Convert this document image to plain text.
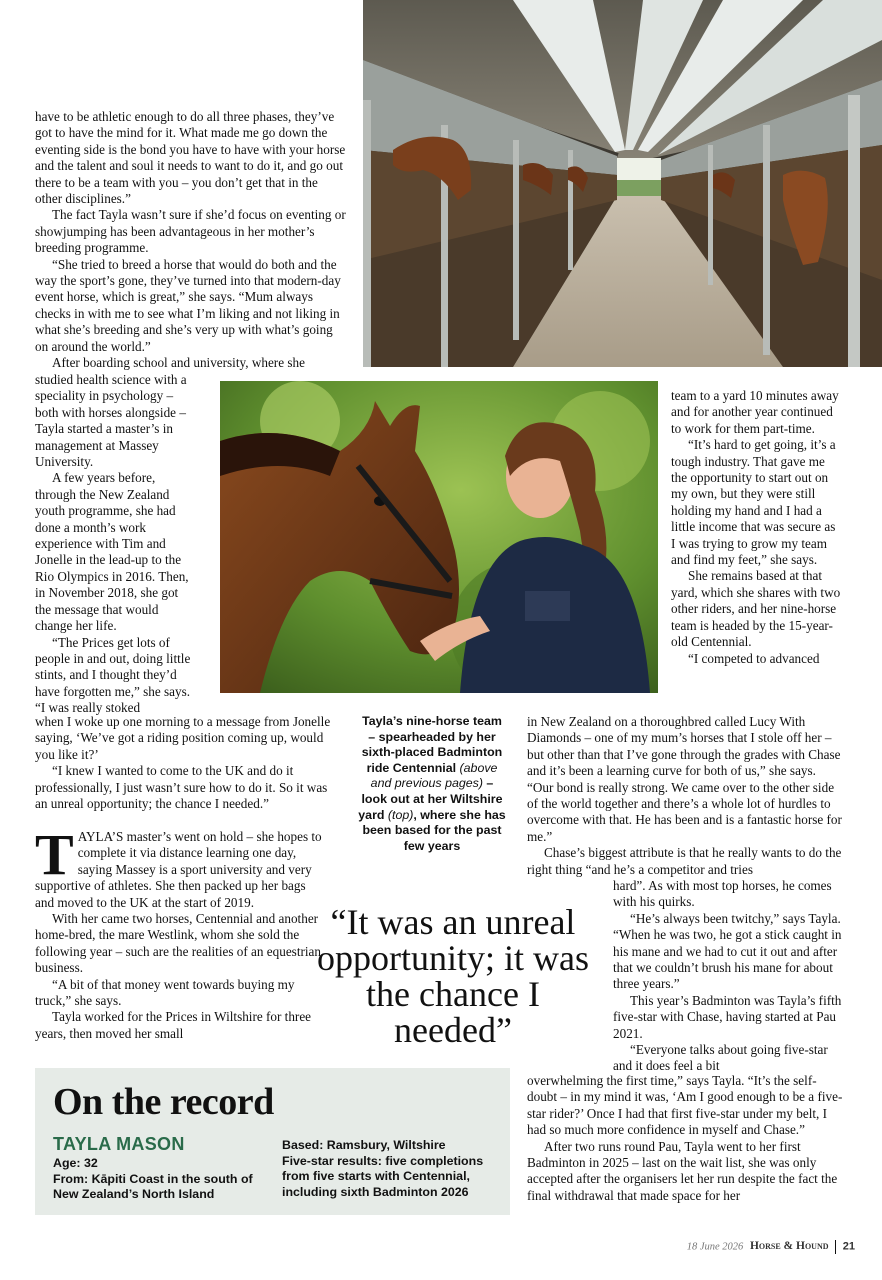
have to be athletic enough to do all three phases, they’ve got to have the mind for it. What made me go down the eventing side is the bond you have to have with your horse and the talent and soul it needs to want to do it, and go out there to be a team with you – you don’t get that in the other disciplines.”

The fact Tayla wasn’t sure if she’d focus on eventing or showjumping has been advantageous in her mother’s breeding programme.

“She tried to breed a horse that would do both and the way the sport’s gone, they’ve turned into that modern-day event horse, which is great,” she says. “Mum always checks in with me to see what I’m liking and not liking in what she’s breeding and she’s very up with what’s going on around the world.”

After boarding school and university, where she

studied health science with a speciality in psychology – both with horses alongside – Tayla started a master’s in management at Massey University.

A few years before, through the New Zealand youth programme, she had done a month’s work experience with Tim and Jonelle in the lead-up to the Rio Olympics in 2016. Then, in November 2018, she got the message that would change her life.

“The Prices get lots of people in and out, doing little stints, and I thought they’d have forgotten me,” she says. “I was really stoked

when I woke up one morning to a message from Jonelle saying, ‘We’ve got a riding position coming up, would you like it?’

“I knew I wanted to come to the UK and do it professionally, I just wasn’t sure how to do it. So it was an unreal opportunity; the chance I needed.”

TAYLA’S master’s went on hold – she hopes to complete it via distance learning one day, saying Massey is a sport university and very supportive of athletes. She then packed up her bags and moved to the UK at the start of 2019.

With her came two horses, Centennial and another home-bred, the mare Westlink, whom she sold the following year – such are the realities of an equestrian business.

“A bit of that money went towards buying my truck,” she says.

Tayla worked for the Prices in Wiltshire for three years, then moved her small

Tayla’s nine-horse team – spearheaded by her sixth-placed Badminton ride Centennial (above and previous pages) – look out at her Wiltshire yard (top), where she has been based for the past few years
“It was an unreal opportunity; it was the chance I needed”

team to a yard 10 minutes away and for another year continued to work for them part-time.

“It’s hard to get going, it’s a tough industry. That gave me the opportunity to start out on my own, but they were still holding my hand and I had a little income that was secure as I was trying to grow my team and find my feet,” she says.

She remains based at that yard, which she shares with two other riders, and her nine-horse team is headed by the 15-year-old Centennial.

“I competed to advanced

in New Zealand on a thoroughbred called Lucy With Diamonds – one of my mum’s horses that I stole off her – but other than that I’ve gone through the grades with Chase and it’s been a learning curve for both of us,” she says. “Our bond is really strong. We came over to the other side of the world together and there’s a whole lot of hurdles to overcome with that. He has been and is a fantastic horse for me.”

Chase’s biggest attribute is that he really wants to do the right thing “and he’s a competitor and tries

hard”. As with most top horses, he comes with his quirks.

“He’s always been twitchy,” says Tayla. “When he was two, he got a stick caught in his mane and we had to cut it out and after that we couldn’t brush his mane for about three years.”

This year’s Badminton was Tayla’s fifth five-star with Chase, having started at Pau 2021.

“Everyone talks about going five-star and it does feel a bit

overwhelming the first time,” says Tayla. “It’s the self-doubt – in my mind it was, ‘Am I good enough to be a five-star rider?’ Once I had that first five-star under my belt, I had so much more confidence in myself and Chase.”

After two runs round Pau, Tayla went to her first Badminton in 2025 – last on the wait list, she was only accepted after the organisers let her run despite the fact the final withdrawal that made space for her

On the record
TAYLA MASON
Age: 32
From: Kāpiti Coast in the south of New Zealand’s North Island
Based: Ramsbury, Wiltshire
Five-star results: five completions from five starts with Centennial, including sixth Badminton 2026
18 June 2026 Horse & Hound 21
